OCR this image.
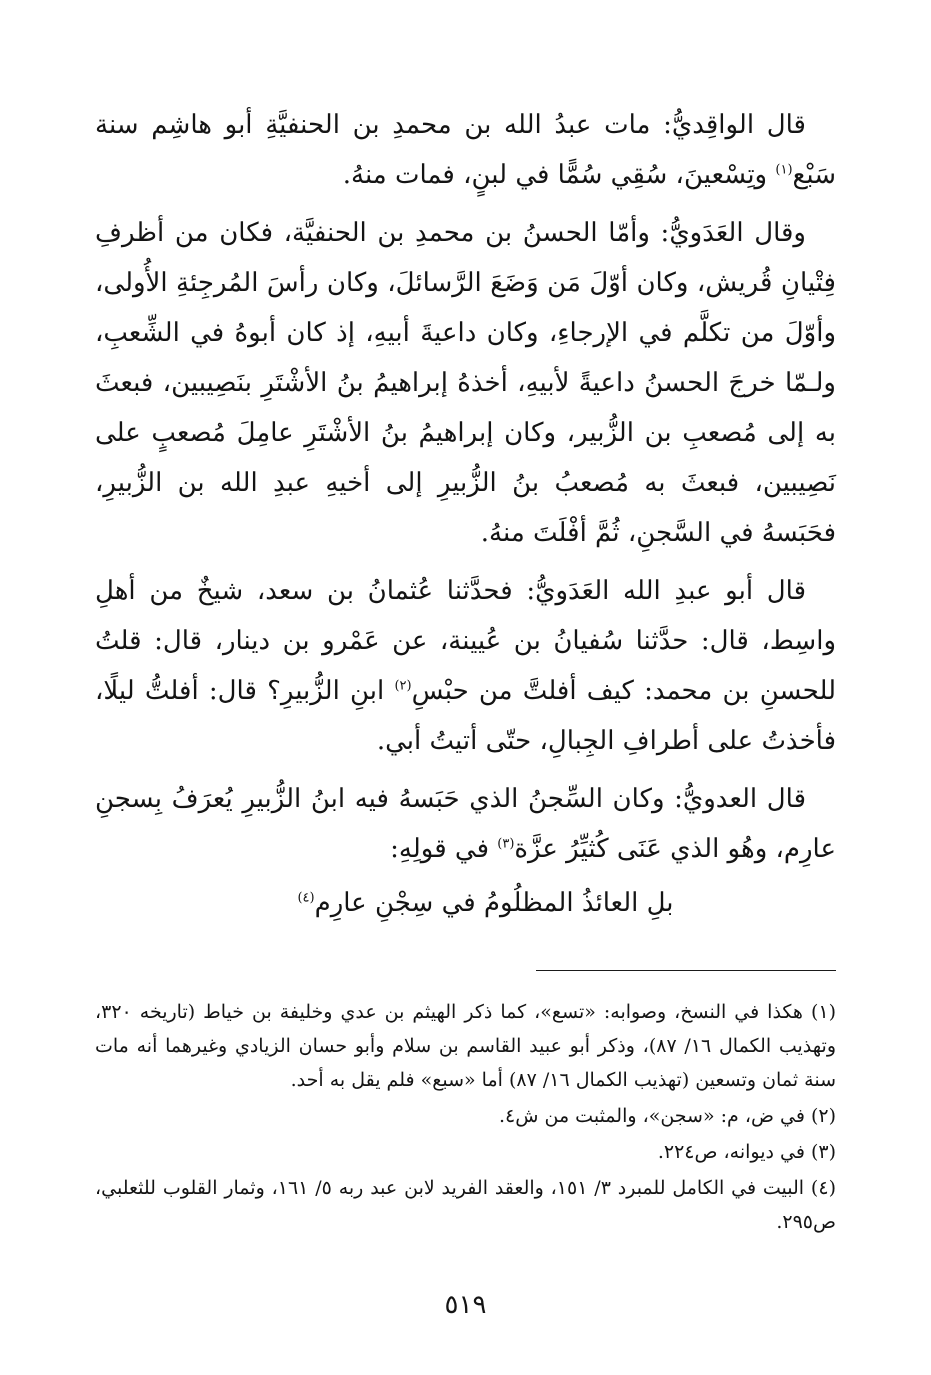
قال الواقِديُّ: مات عبدُ الله بن محمدِ بن الحنفيَّةِ أبو هاشِم سنة سَبْع$^{(١)}$ وتِسْعينَ، سُقِي سُمًّا في لبنٍ، فمات منهُ.

وقال العَدَويُّ: وأمّا الحسنُ بن محمدِ بن الحنفيَّة، فكان من أظرفِ فِتْيانِ قُريش، وكان أوّلَ مَن وَضَعَ الرَّسائلَ، وكان رأسَ المُرجِئةِ الأُولى، وأوّلَ من تكلَّم في الإرجاءِ، وكان داعيةَ أبيهِ، إذ كان أبوهُ في الشِّعبِ، ولـمّا خرجَ الحسنُ داعيةً لأبيهِ، أخذهُ إبراهيمُ بنُ الأشْتَرِ بنَصِيبين، فبعثَ به إلى مُصعبِ بن الزُّبير، وكان إبراهيمُ بنُ الأشْتَرِ عامِلَ مُصعبٍ على نَصِيبين، فبعثَ به مُصعبُ بنُ الزُّبيرِ إلى أخيهِ عبدِ الله بن الزُّبيرِ، فحَبَسهُ في السَّجنِ، ثُمَّ أفْلَتَ منهُ.

قال أبو عبدِ الله العَدَويُّ: فحدَّثنا عُثمانُ بن سعد، شيخٌ من أهلِ واسِط، قال: حدَّثنا سُفيانُ بن عُيينة، عن عَمْرو بن دينار، قال: قلتُ للحسنِ بن محمد: كيف أفلتَّ من حبْسِ$^{(٢)}$ ابنِ الزُّبيرِ؟ قال: أفلتُّ ليلًا، فأخذتُ على أطرافِ الجِبالِ، حتّى أتيتُ أبي.

قال العدويُّ: وكان السِّجنُ الذي حَبَسهُ فيه ابنُ الزُّبيرِ يُعرَفُ بِسجنِ عارِم، وهُو الذي عَنَى كُثيِّرُ عزَّة$^{(٣)}$ في قولِهِ:

بلِ العائذُ المظلُومُ في سِجْنِ عارِم$^{(٤)}$

(١) هكذا في النسخ، وصوابه: «تسع»، كما ذكر الهيثم بن عدي وخليفة بن خياط (تاريخه ٣٢٠، وتهذيب الكمال ١٦/ ٨٧)، وذكر أبو عبيد القاسم بن سلام وأبو حسان الزيادي وغيرهما أنه مات سنة ثمان وتسعين (تهذيب الكمال ١٦/ ٨٧) أما «سبع» فلم يقل به أحد.

(٢) في ض، م: «سجن»، والمثبت من ش٤.

(٣) في ديوانه، ص٢٢٤.

(٤) البيت في الكامل للمبرد ٣/ ١٥١، والعقد الفريد لابن عبد ربه ٥/ ١٦١، وثمار القلوب للثعلبي، ص٢٩٥.

٥١٩
